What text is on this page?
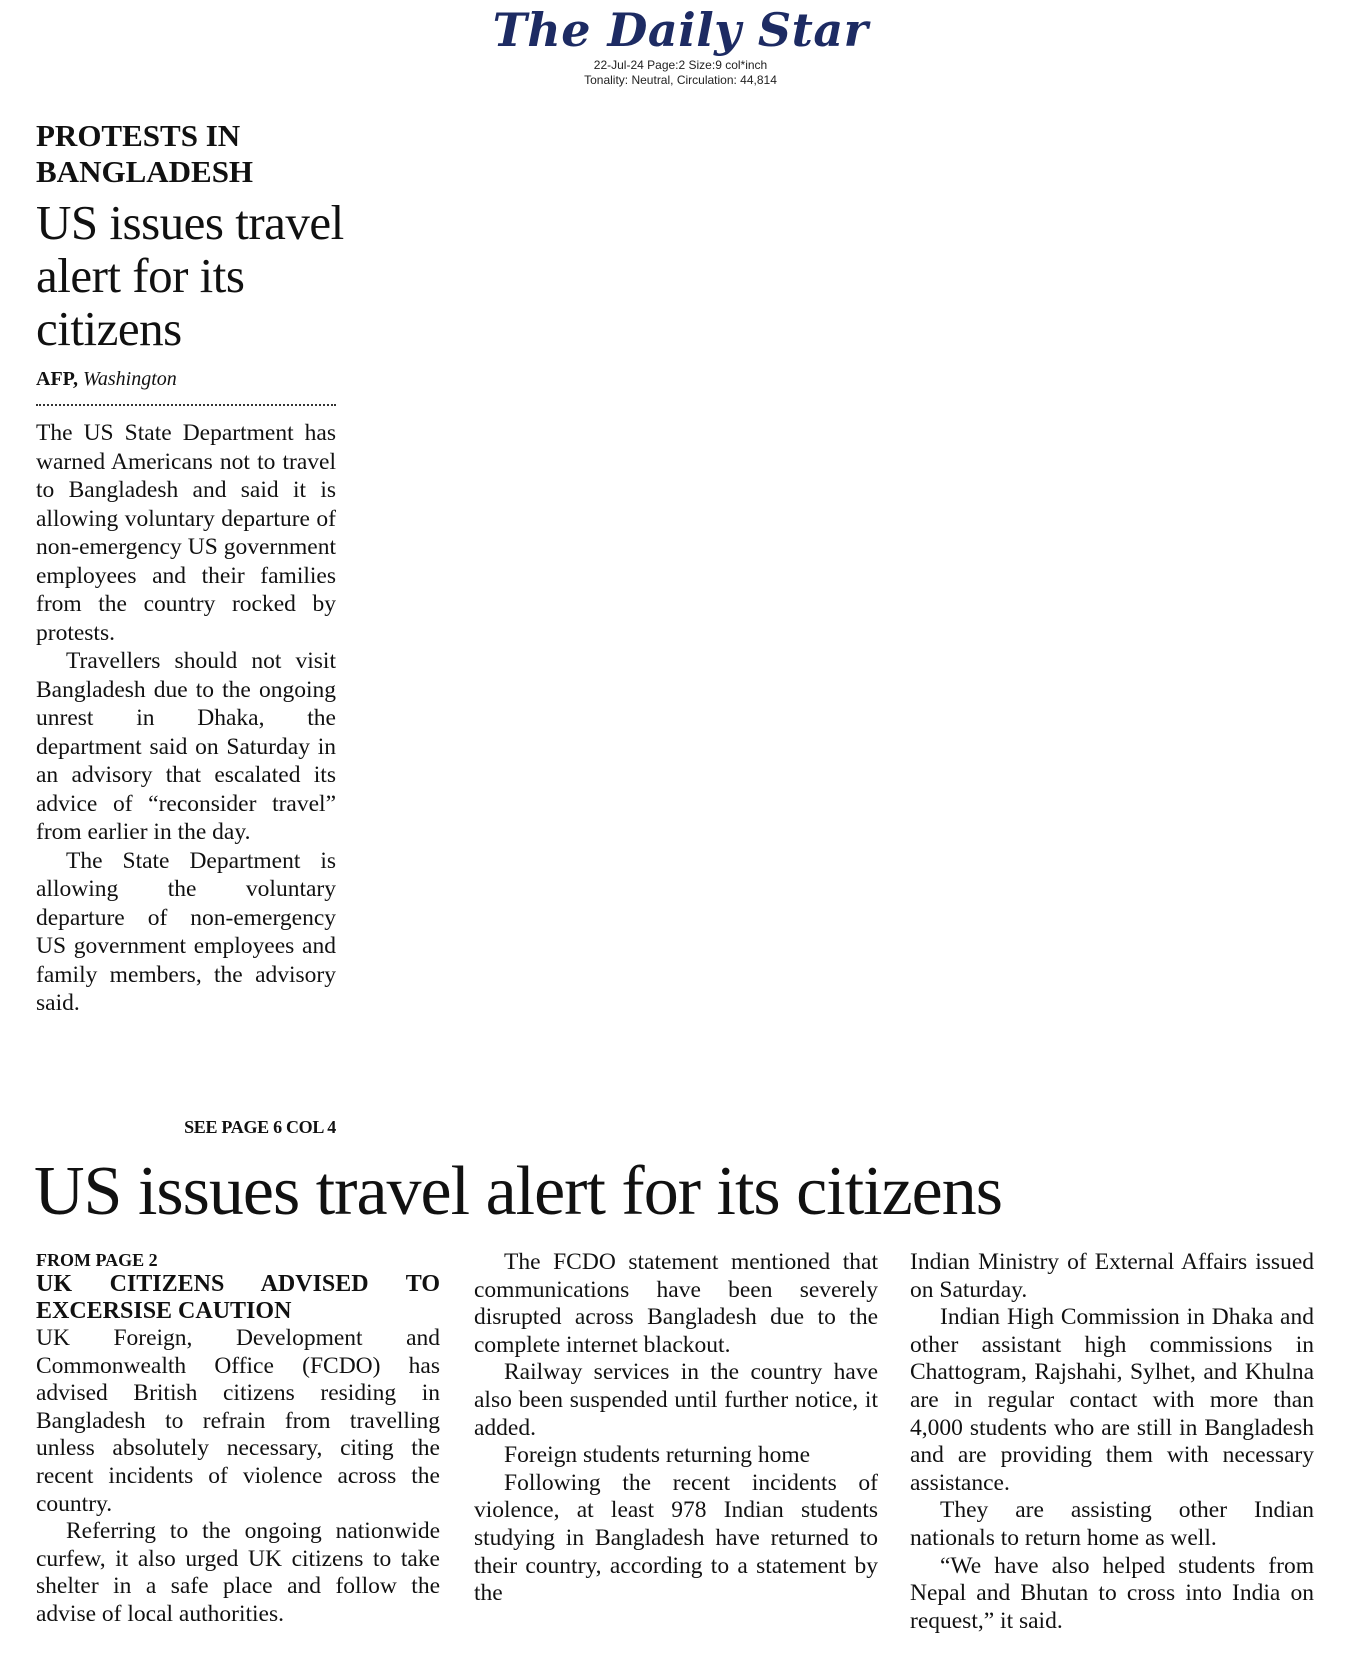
The Daily Star
22-Jul-24 Page:2 Size:9 col*inch
Tonality: Neutral, Circulation: 44,814
PROTESTS IN BANGLADESH
US issues travel alert for its citizens
AFP, Washington

The US State Department has warned Americans not to travel to Bangladesh and said it is allowing voluntary departure of non-emergency US government employees and their families from the country rocked by protests.

Travellers should not visit Bangladesh due to the ongoing unrest in Dhaka, the department said on Saturday in an advisory that escalated its advice of “reconsider travel” from earlier in the day.

The State Department is allowing the voluntary departure of non-emergency US government employees and family members, the advisory said.

SEE PAGE 6 COL 4
US issues travel alert for its citizens

FROM PAGE 2

UK CITIZENS ADVISED TO EXCERSISE CAUTION

UK Foreign, Development and Commonwealth Office (FCDO) has advised British citizens residing in Bangladesh to refrain from travelling unless absolutely necessary, citing the recent incidents of violence across the country.

Referring to the ongoing nationwide curfew, it also urged UK citizens to take shelter in a safe place and follow the advise of local authorities.

The FCDO statement mentioned that communications have been severely disrupted across Bangladesh due to the complete internet blackout.

Railway services in the country have also been suspended until further notice, it added.

Foreign students returning home

Following the recent incidents of violence, at least 978 Indian students studying in Bangladesh have returned to their country, according to a statement by the

Indian Ministry of External Affairs issued on Saturday.

Indian High Commission in Dhaka and other assistant high commissions in Chattogram, Rajshahi, Sylhet, and Khulna are in regular contact with more than 4,000 students who are still in Bangladesh and are providing them with necessary assistance.

They are assisting other Indian nationals to return home as well.

“We have also helped students from Nepal and Bhutan to cross into India on request,” it said.
